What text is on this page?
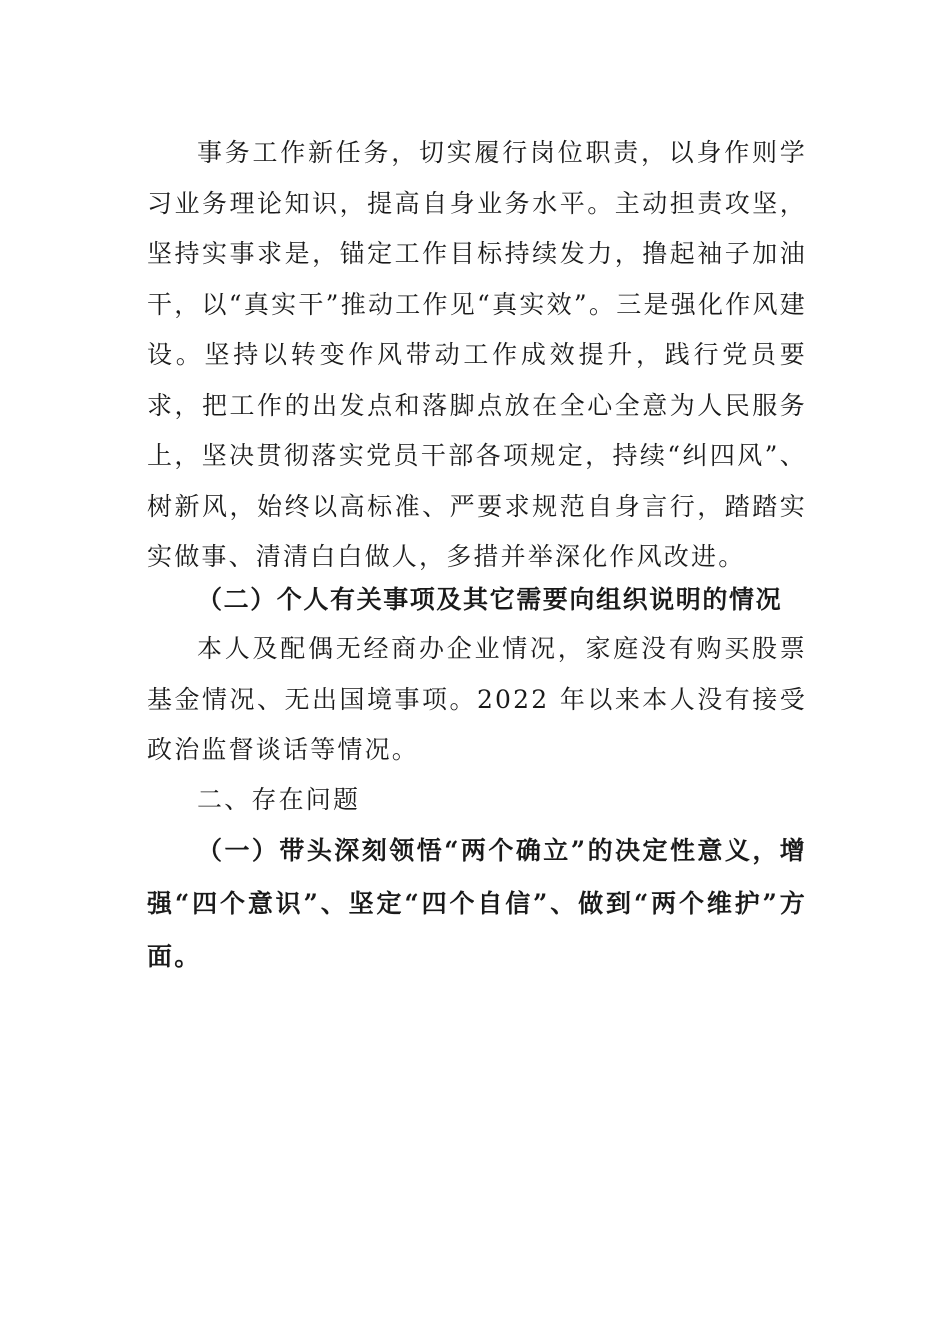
事务工作新任务，切实履行岗位职责，以身作则学习业务理论知识，提高自身业务水平。主动担责攻坚，坚持实事求是，锚定工作目标持续发力，撸起袖子加油干，以“真实干”推动工作见“真实效”。三是强化作风建设。坚持以转变作风带动工作成效提升，践行党员要求，把工作的出发点和落脚点放在全心全意为人民服务上，坚决贯彻落实党员干部各项规定，持续“纠四风”、树新风，始终以高标准、严要求规范自身言行，踏踏实实做事、清清白白做人，多措并举深化作风改进。

（二）个人有关事项及其它需要向组织说明的情况

本人及配偶无经商办企业情况，家庭没有购买股票基金情况、无出国境事项。2022 年以来本人没有接受政治监督谈话等情况。

二、存在问题

（一）带头深刻领悟“两个确立”的决定性意义，增强“四个意识”、坚定“四个自信”、做到“两个维护”方面。
